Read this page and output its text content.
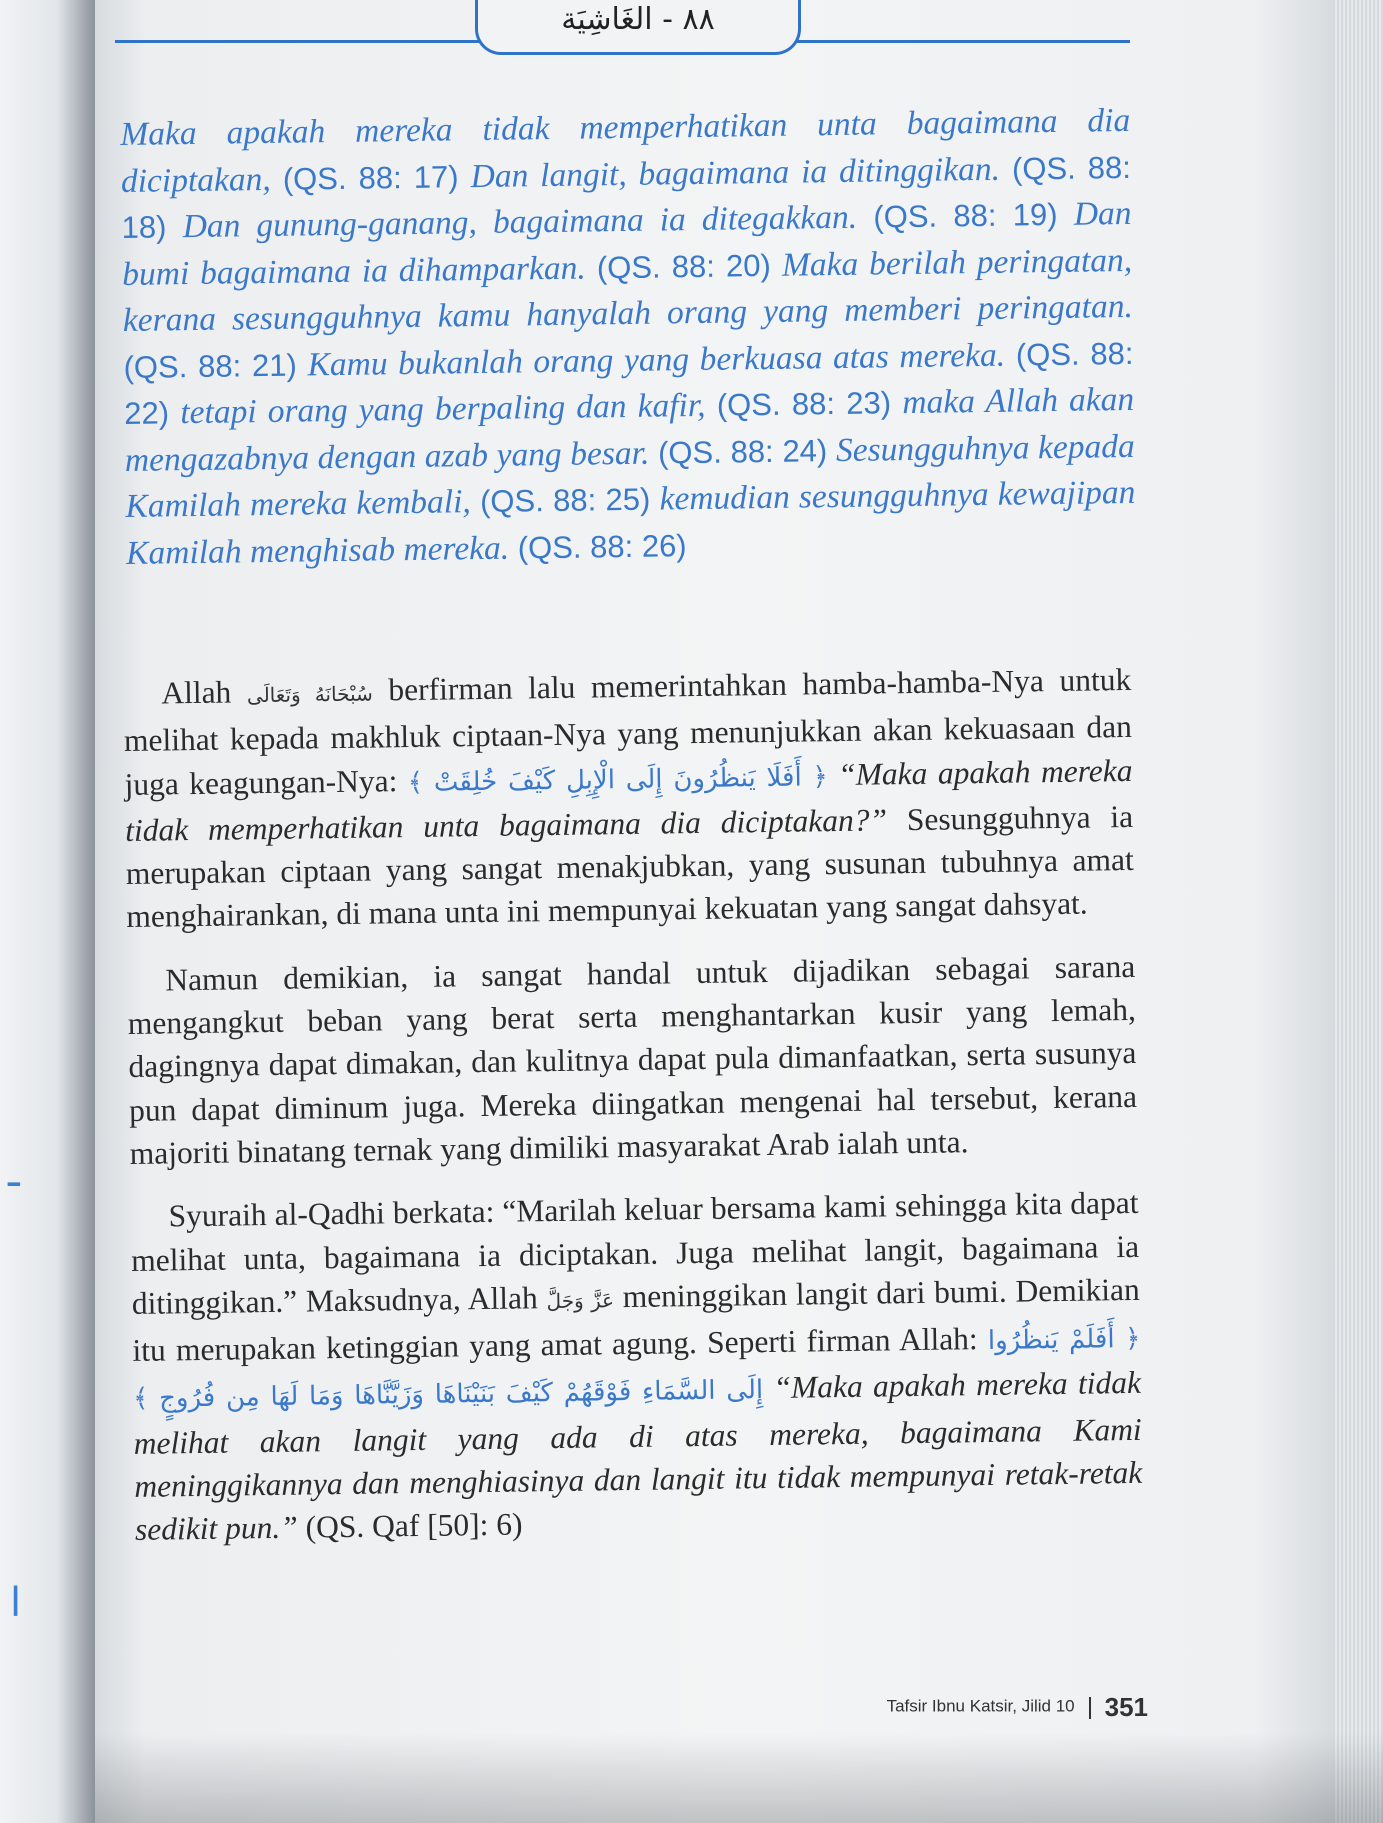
ـ
ا
٨٨ - الغَاشِيَة
Maka apakah mereka tidak memperhatikan unta bagaimana dia diciptakan, (QS. 88: 17) Dan langit, bagaimana ia ditinggikan. (QS. 88: 18) Dan gunung-ganang, bagaimana ia ditegakkan. (QS. 88: 19) Dan bumi bagaimana ia dihamparkan. (QS. 88: 20) Maka berilah peringatan, kerana sesungguhnya kamu hanyalah orang yang memberi peringatan. (QS. 88: 21) Kamu bukanlah orang yang berkuasa atas mereka. (QS. 88: 22) tetapi orang yang berpaling dan kafir, (QS. 88: 23) maka Allah akan mengazabnya dengan azab yang besar. (QS. 88: 24) Sesungguhnya kepada Kamilah mereka kembali, (QS. 88: 25) kemudian sesungguhnya kewajipan Kamilah menghisab mereka. (QS. 88: 26)

Allah سُبْحَانَهُ وَتَعَالَى berfirman lalu memerintahkan hamba-hamba-Nya untuk melihat kepada makhluk ciptaan-Nya yang menunjukkan akan kekuasaan dan juga keagungan-Nya: ﴿ أَفَلَا يَنظُرُونَ إِلَى الْإِبِلِ كَيْفَ خُلِقَتْ ﴾ “Maka apakah mereka tidak memperhatikan unta bagaimana dia diciptakan?” Sesungguhnya ia merupakan ciptaan yang sangat menakjubkan, yang susunan tubuhnya amat menghairankan, di mana unta ini mempunyai kekuatan yang sangat dahsyat.

Namun demikian, ia sangat handal untuk dijadikan sebagai sarana mengangkut beban yang berat serta menghantarkan kusir yang lemah, dagingnya dapat dimakan, dan kulitnya dapat pula dimanfaatkan, serta susunya pun dapat diminum juga. Mereka diingatkan mengenai hal tersebut, kerana majoriti binatang ternak yang dimiliki masyarakat Arab ialah unta.

Syuraih al-Qadhi berkata: “Marilah keluar bersama kami sehingga kita dapat melihat unta, bagaimana ia diciptakan. Juga melihat langit, bagaimana ia ditinggikan.” Maksudnya, Allah عَزَّ وَجَلَّ meninggikan langit dari bumi. Demikian itu merupakan ketinggian yang amat agung. Seperti firman Allah: ﴿ أَفَلَمْ يَنظُرُوا إِلَى السَّمَاءِ فَوْقَهُمْ كَيْفَ بَنَيْنَاهَا وَزَيَّنَّاهَا وَمَا لَهَا مِن فُرُوجٍ ﴾ “Maka apakah mereka tidak melihat akan langit yang ada di atas mereka, bagaimana Kami meninggikannya dan menghiasinya dan langit itu tidak mempunyai retak-retak sedikit pun.” (QS. Qaf [50]: 6)

Tafsir Ibnu Katsir, Jilid 10 351
